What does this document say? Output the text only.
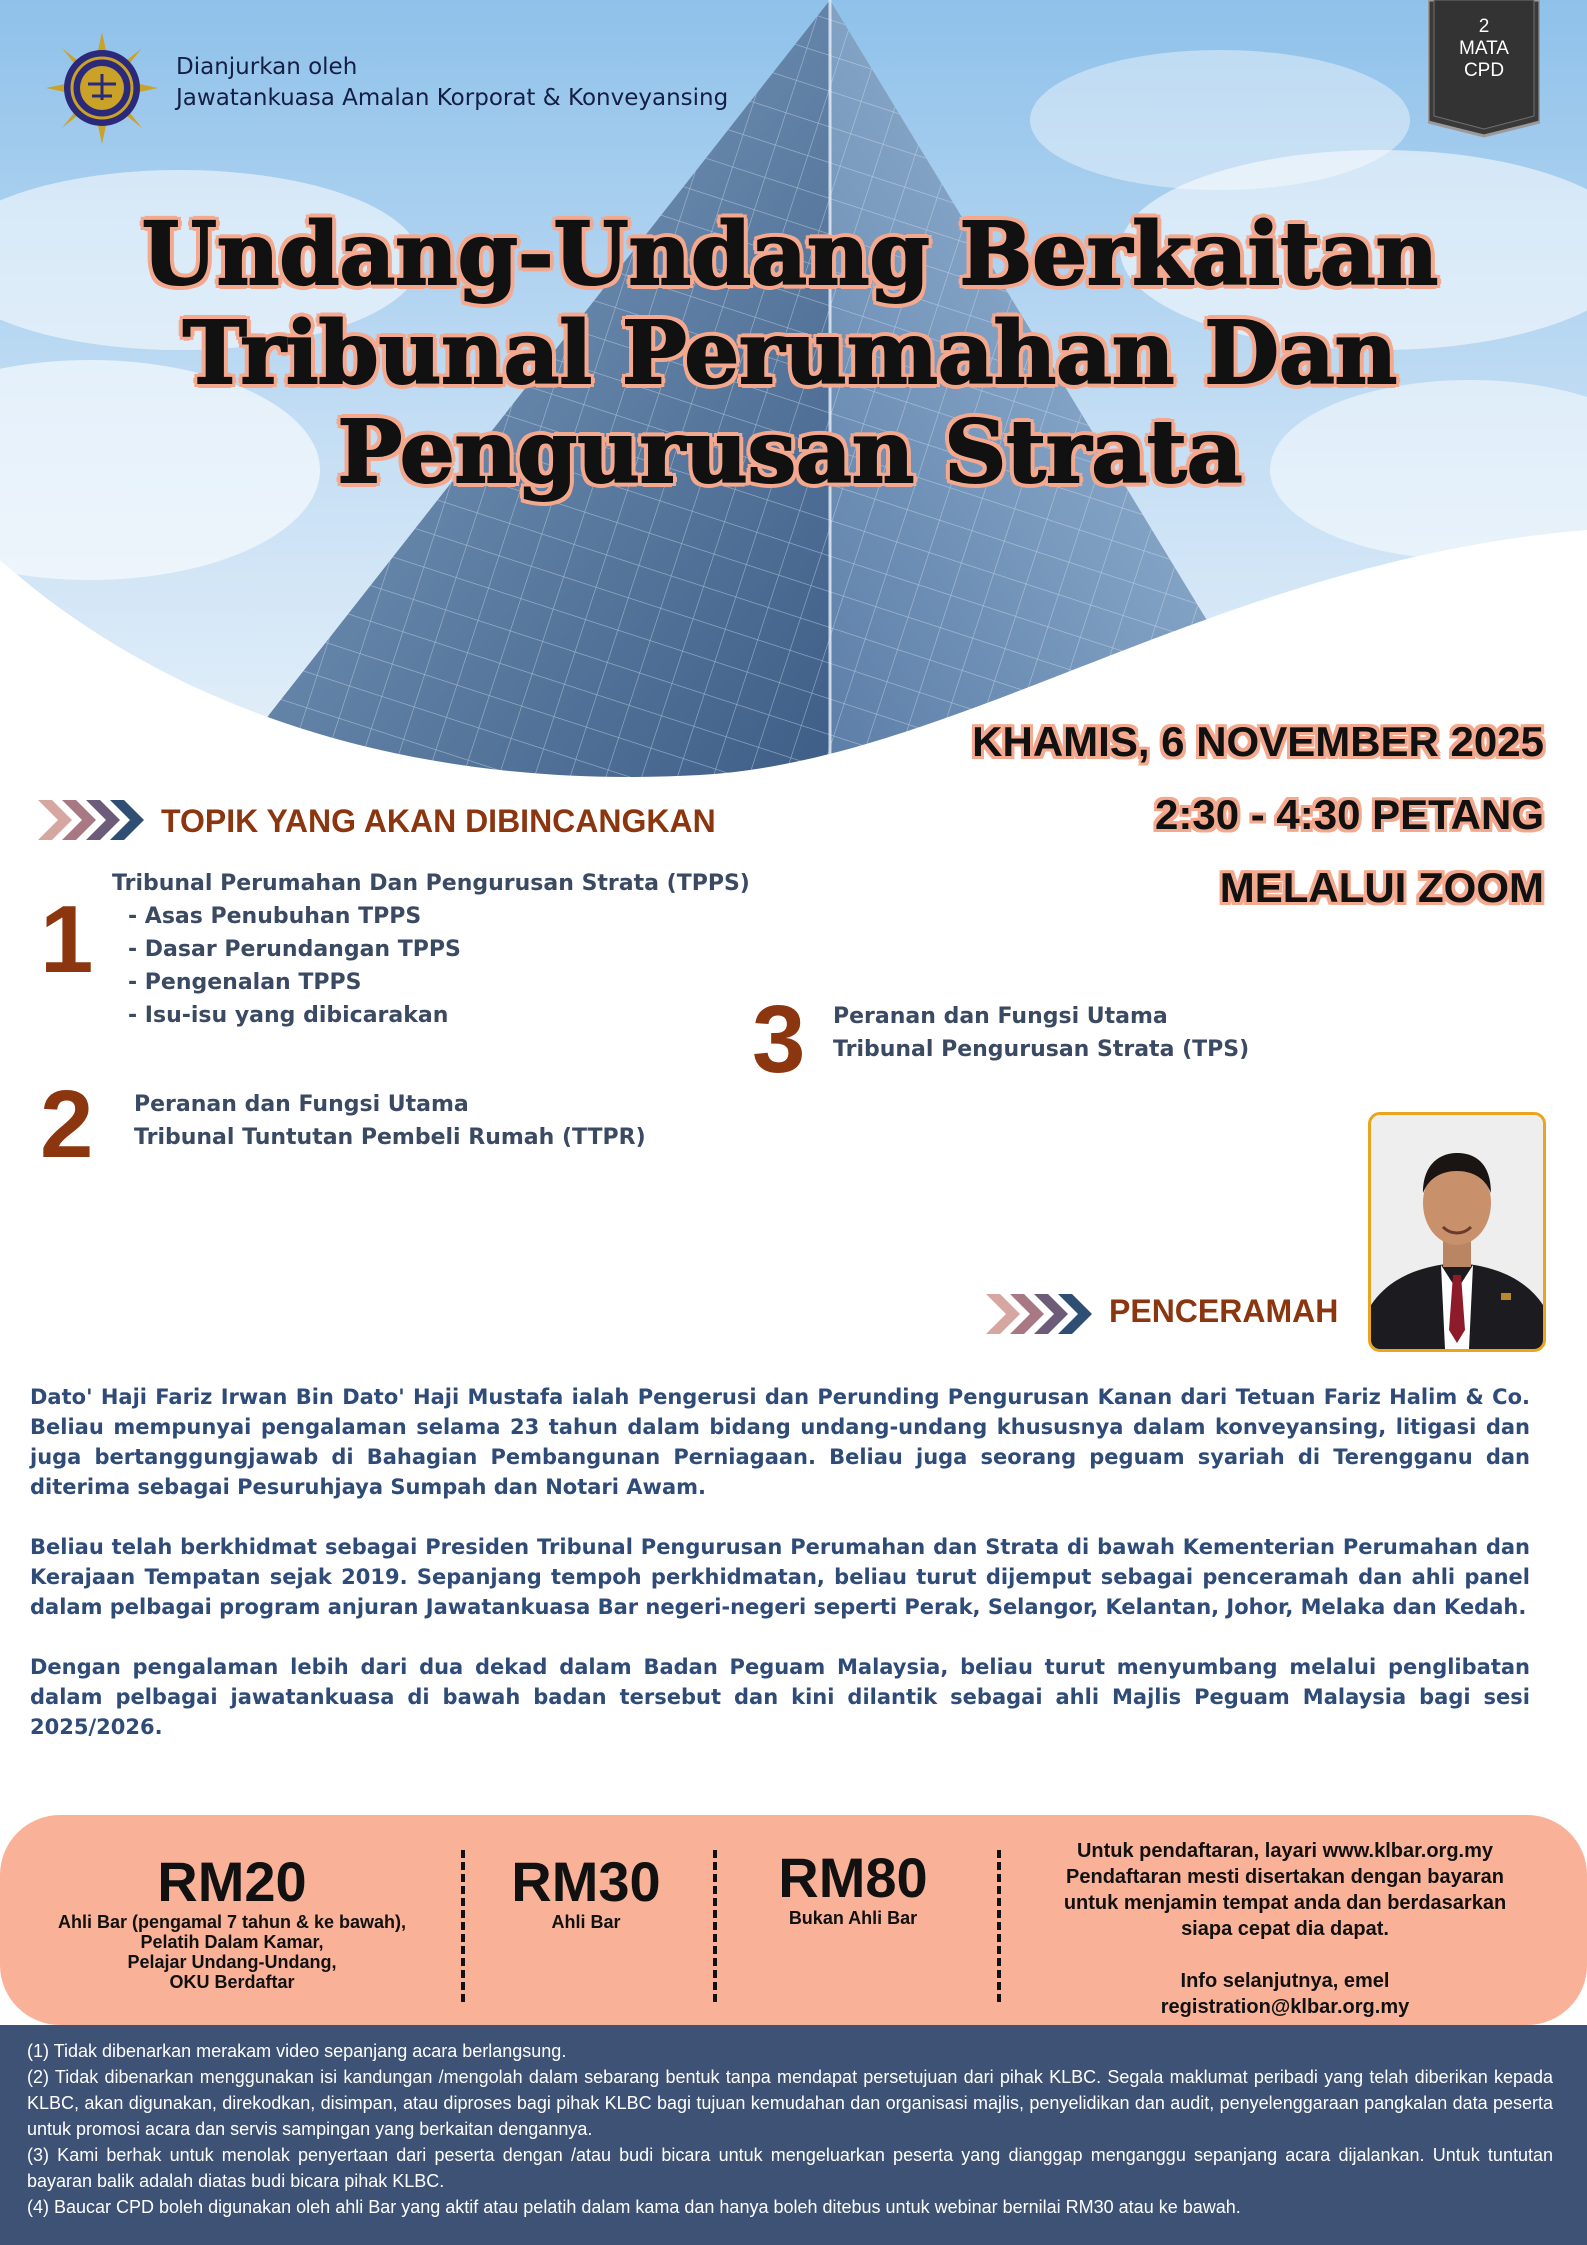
Dianjurkan oleh
Jawatankuasa Amalan Korporat & Konveyansing
2
MATA
CPD
Undang-Undang Berkaitan
Tribunal Perumahan Dan
Pengurusan Strata
KHAMIS, 6 NOVEMBER 2025
2:30 - 4:30 PETANG
MELALUI ZOOM
TOPIK YANG AKAN DIBINCANGKAN
1
Tribunal Perumahan Dan Pengurusan Strata (TPPS)
- Asas Penubuhan TPPS
- Dasar Perundangan TPPS
- Pengenalan TPPS
- Isu-isu yang dibicarakan
2 Peranan dan Fungsi Utama
Tribunal Tuntutan Pembeli Rumah (TTPR)
3 Peranan dan Fungsi Utama
Tribunal Pengurusan Strata (TPS)
PENCERAMAH

Dato' Haji Fariz Irwan Bin Dato' Haji Mustafa ialah Pengerusi dan Perunding Pengurusan Kanan dari Tetuan Fariz Halim & Co. Beliau mempunyai pengalaman selama 23 tahun dalam bidang undang-undang khususnya dalam konveyansing, litigasi dan juga bertanggungjawab di Bahagian Pembangunan Perniagaan. Beliau juga seorang peguam syariah di Terengganu dan diterima sebagai Pesuruhjaya Sumpah dan Notari Awam.

Beliau telah berkhidmat sebagai Presiden Tribunal Pengurusan Perumahan dan Strata di bawah Kementerian Perumahan dan Kerajaan Tempatan sejak 2019. Sepanjang tempoh perkhidmatan, beliau turut dijemput sebagai penceramah dan ahli panel dalam pelbagai program anjuran Jawatankuasa Bar negeri-negeri seperti Perak, Selangor, Kelantan, Johor, Melaka dan Kedah.

Dengan pengalaman lebih dari dua dekad dalam Badan Peguam Malaysia, beliau turut menyumbang melalui penglibatan dalam pelbagai jawatankuasa di bawah badan tersebut dan kini dilantik sebagai ahli Majlis Peguam Malaysia bagi sesi 2025/2026.

RM20
Ahli Bar (pengamal 7 tahun & ke bawah),
Pelatih Dalam Kamar,
Pelajar Undang-Undang,
OKU Berdaftar
RM30
Ahli Bar
RM80
Bukan Ahli Bar
Untuk pendaftaran, layari www.klbar.org.my
Pendaftaran mesti disertakan dengan bayaran
untuk menjamin tempat anda dan berdasarkan
siapa cepat dia dapat.
Info selanjutnya, emel
registration@klbar.org.my

(1) Tidak dibenarkan merakam video sepanjang acara berlangsung.

(2) Tidak dibenarkan menggunakan isi kandungan /mengolah dalam sebarang bentuk tanpa mendapat persetujuan dari pihak KLBC. Segala maklumat peribadi yang telah diberikan kepada KLBC, akan digunakan, direkodkan, disimpan, atau diproses bagi pihak KLBC bagi tujuan kemudahan dan organisasi majlis, penyelidikan dan audit, penyelenggaraan pangkalan data peserta untuk promosi acara dan servis sampingan yang berkaitan dengannya.

(3) Kami berhak untuk menolak penyertaan dari peserta dengan /atau budi bicara untuk mengeluarkan peserta yang dianggap menganggu sepanjang acara dijalankan. Untuk tuntutan bayaran balik adalah diatas budi bicara pihak KLBC.

(4) Baucar CPD boleh digunakan oleh ahli Bar yang aktif atau pelatih dalam kama dan hanya boleh ditebus untuk webinar bernilai RM30 atau ke bawah.
